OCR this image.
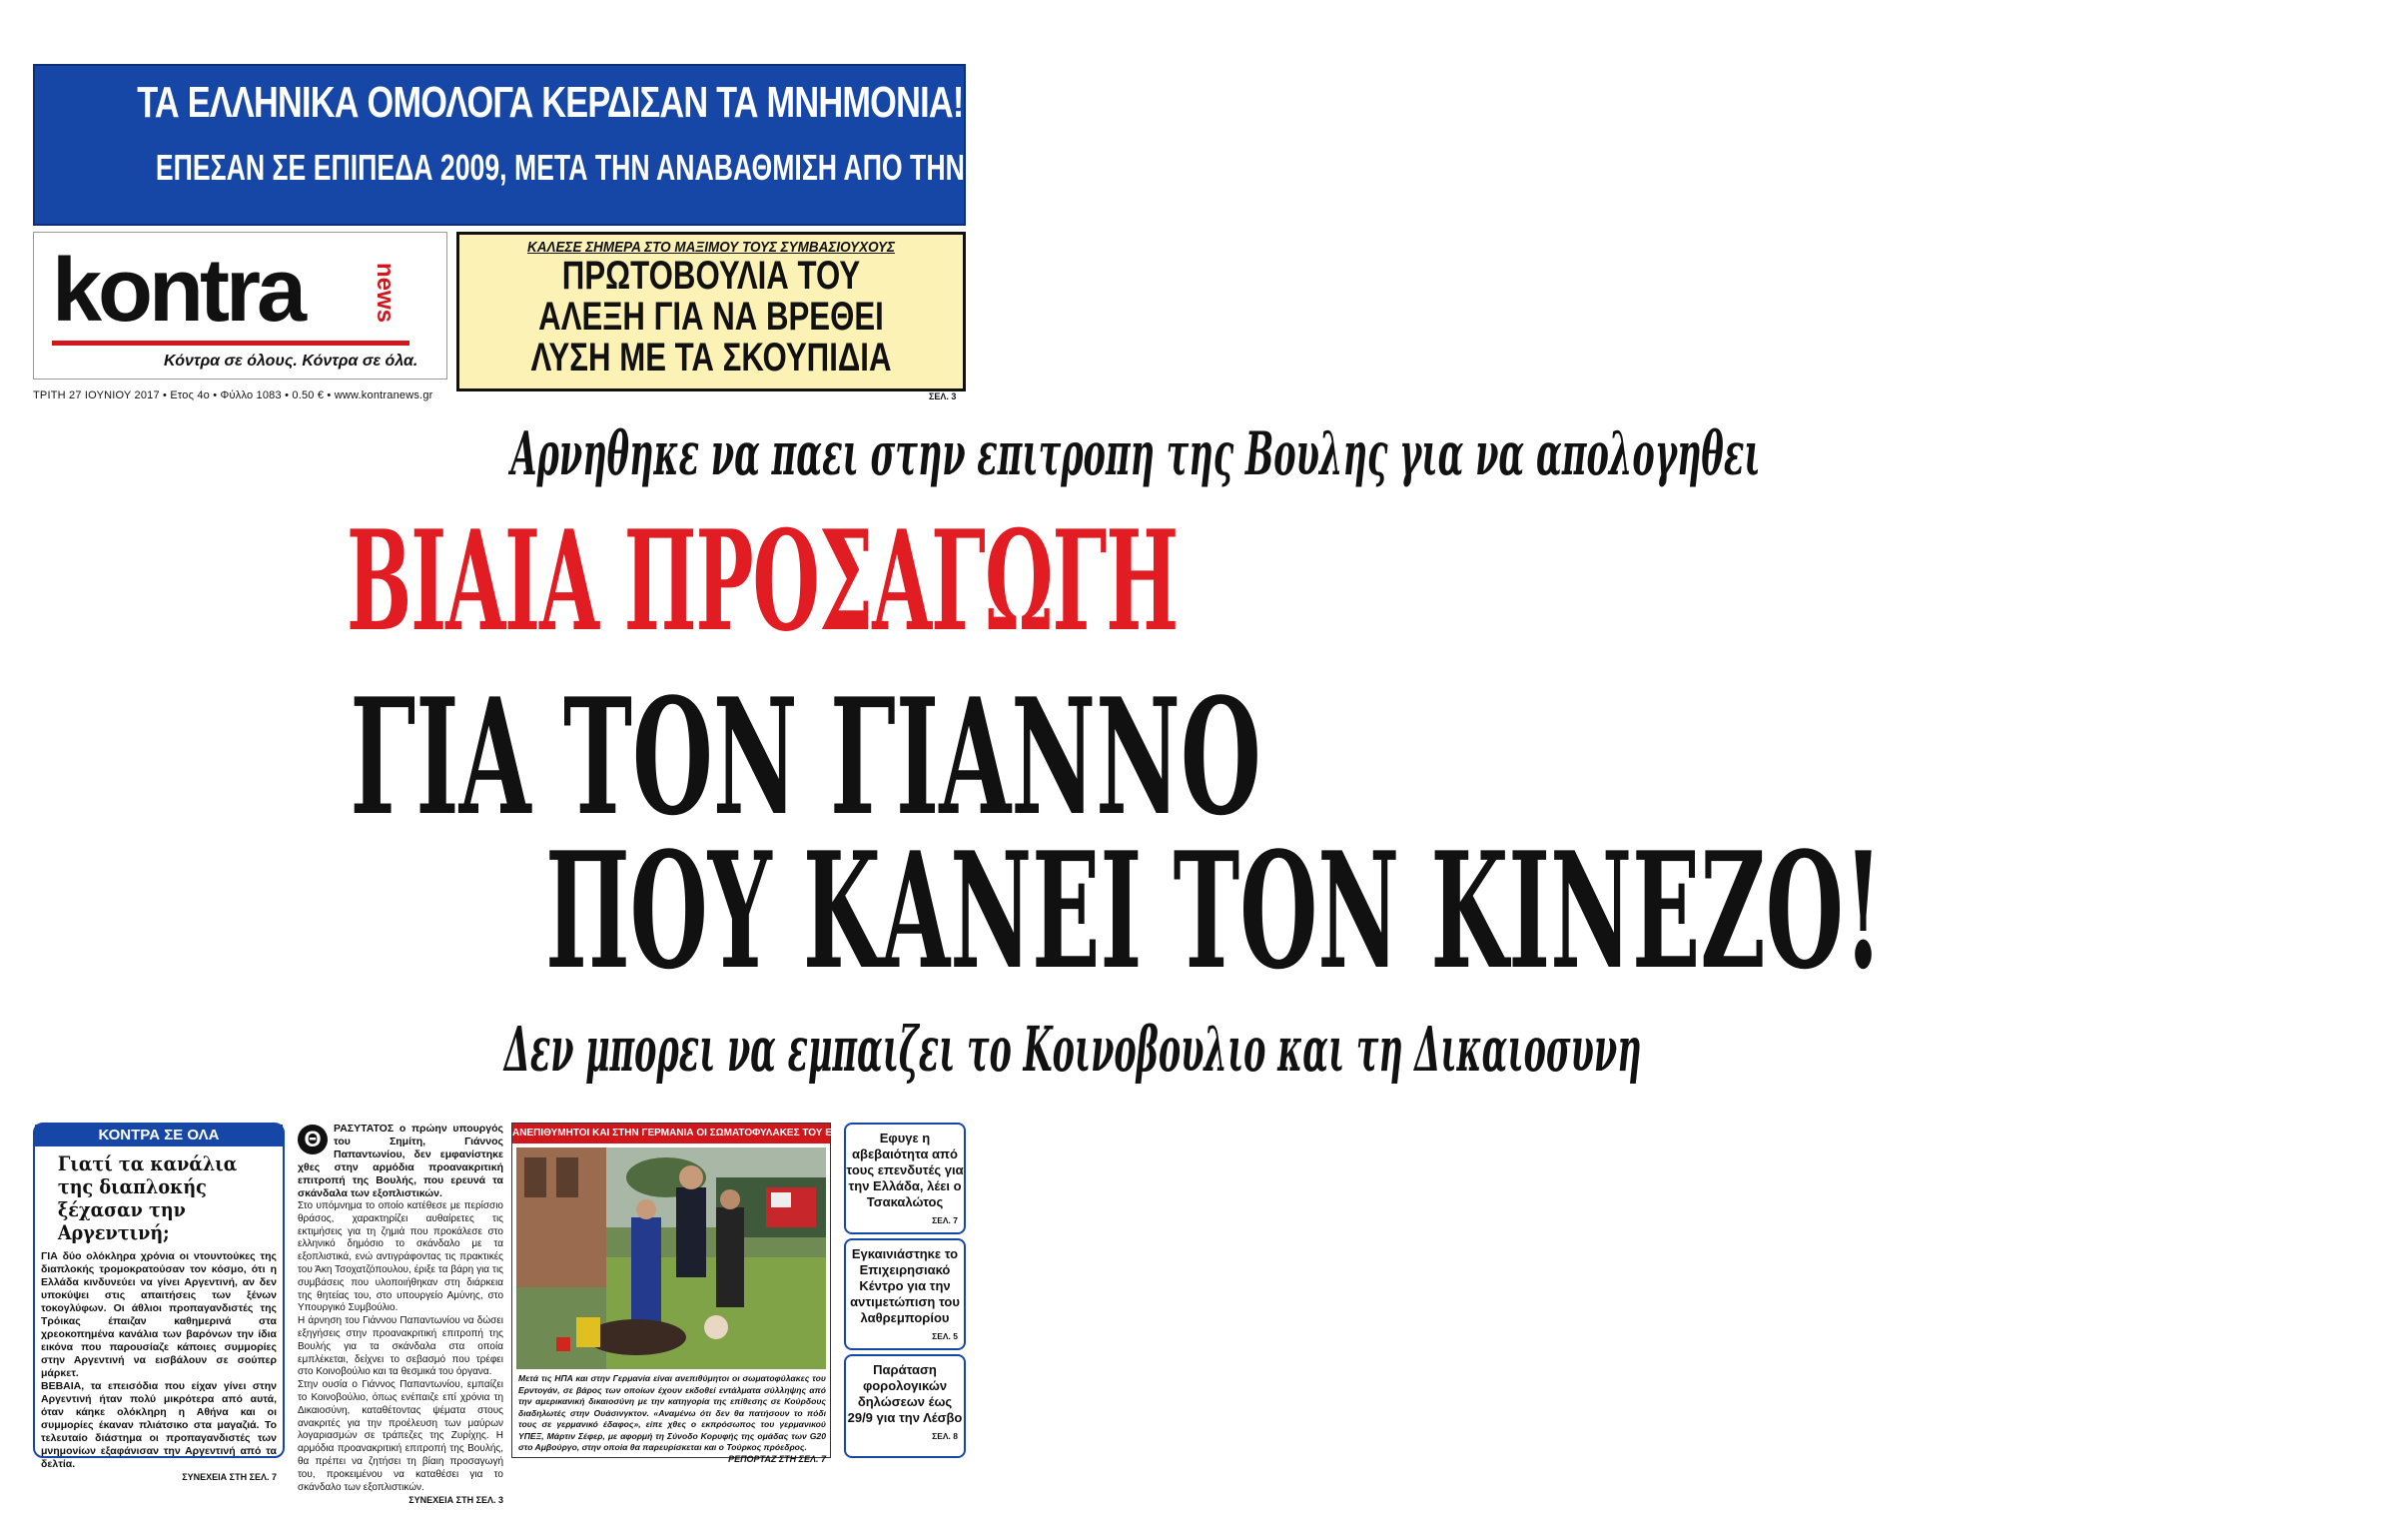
ΤΑ ΕΛΛΗΝΙΚΑ ΟΜΟΛΟΓΑ ΚΕΡΔΙΣΑΝ ΤΑ ΜΝΗΜΟΝΙΑ!
ΕΠΕΣΑΝ ΣΕ ΕΠΙΠΕΔΑ 2009, ΜΕΤΑ ΤΗΝ ΑΝΑΒΑΘΜΙΣΗ ΑΠΟ ΤΗΝ MOODY’S
kontra	news
Κόντρα σε όλους. Κόντρα σε όλα.
ΚΑΛΕΣΕ ΣΗΜΕΡΑ ΣΤΟ ΜΑΞΙΜΟΥ ΤΟΥΣ ΣΥΜΒΑΣΙΟΥΧΟΥΣ
ΠΡΩΤΟΒΟΥΛΙΑ ΤΟΥ
ΑΛΕΞΗ ΓΙΑ ΝΑ ΒΡΕΘΕΙ
ΛΥΣΗ ΜΕ ΤΑ ΣΚΟΥΠΙΔΙΑ
ΣΕΛ. 3
ΤΡΙΤΗ 27 ΙΟΥΝΙΟΥ 2017 • Ετος 4ο • Φύλλο 1083 • 0.50 € • www.kontranews.gr
Αρνηθηκε να παει στην επιτροπη της Βουλης για να απολογηθει
ΒΙΑΙΑ ΠΡΟΣΑΓΩΓΗ
ΓΙΑ ΤΟΝ ΓΙΑΝΝΟ
ΠΟΥ ΚΑΝΕΙ ΤΟΝ ΚΙΝΕΖΟ!
Δεν μπορει να εμπαιζει το Κοινοβουλιο και τη Δικαιοσυνη
ΚΟΝΤΡΑ ΣΕ ΟΛΑ
Γιατί τα κανάλια της διαπλοκής ξέχασαν την Αργεντινή;
ΓΙΑ δύο ολόκληρα χρόνια οι ντουντούκες της διαπλοκής τρομοκρατούσαν τον κόσμο, ότι η Ελλάδα κινδυνεύει να γίνει Αργεντινή, αν δεν υποκύψει στις απαιτήσεις των ξένων τοκογλύφων. Οι άθλιοι προπαγανδιστές της Τρόικας έπαιζαν καθημερινά στα χρεοκοπημένα κανάλια των βαρόνων την ίδια εικόνα που παρουσίαζε κάποιες συμμορίες στην Αργεντινή να εισβάλουν σε σούπερ μάρκετ.
ΒΕΒΑΙΑ, τα επεισόδια που είχαν γίνει στην Αργεντινή ήταν πολύ μικρότερα από αυτά, όταν κάηκε ολόκληρη η Αθήνα και οι συμμορίες έκαναν πλιάτσικο στα μαγαζιά. Το τελευταίο διάστημα οι προπαγανδιστές των μνημονίων εξαφάνισαν την Αργεντινή από τα δελτία.
ΣΥΝΕΧΕΙΑ ΣΤΗ ΣΕΛ. 7
Θ	ΡΑΣΥΤΑΤΟΣ ο πρώην υπουργός του Σημίτη, Γιάννος Παπαντωνίου, δεν εμφανίστηκε χθες στην αρμόδια προανακριτική επιτροπή της Βουλής, που ερευνά τα σκάνδαλα των εξοπλιστικών.
Στο υπόμνημα το οποίο κατέθεσε με περίσσιο θράσος, χαρακτηρίζει αυθαίρετες τις εκτιμήσεις για τη ζημιά που προκάλεσε στο ελληνικό δημόσιο το σκάνδαλο με τα εξοπλιστικά, ενώ αντιγράφοντας τις πρακτικές του Άκη Τσοχατζόπουλου, έριξε τα βάρη για τις συμβάσεις που υλοποιήθηκαν στη διάρκεια της θητείας του, στο υπουργείο Αμύνης, στο Υπουργικό Συμβούλιο.
Η άρνηση του Γιάννου Παπαντωνίου να δώσει εξηγήσεις στην προανακριτική επιτροπή της Βουλής για τα σκάνδαλα στα οποία εμπλέκεται, δείχνει το σεβασμό που τρέφει στο Κοινοβούλιο και τα θεσμικά του όργανα.
Στην ουσία ο Γιάννος Παπαντωνίου, εμπαίζει το Κοινοβούλιο, όπως ενέπαιζε επί χρόνια τη Δικαιοσύνη, καταθέτοντας ψέματα στους ανακριτές για την προέλευση των μαύρων λογαριασμών σε τράπεζες της Ζυρίχης. Η αρμόδια προανακριτική επιτροπή της Βουλής, θα πρέπει να ζητήσει τη βίαιη προσαγωγή του, προκειμένου να καταθέσει για το σκάνδαλο των εξοπλιστικών.
ΣΥΝΕΧΕΙΑ ΣΤΗ ΣΕΛ. 3
ΑΝΕΠΙΘΥΜΗΤΟΙ ΚΑΙ ΣΤΗΝ ΓΕΡΜΑΝΙΑ ΟΙ ΣΩΜΑΤΟΦΥΛΑΚΕΣ ΤΟΥ ΕΡΝΤΟΓΑΝ
Μετά τις ΗΠΑ και στην Γερμανία είναι ανεπιθύμητοι οι σωματοφύλακες του Ερντογάν, σε βάρος των οποίων έχουν εκδοθεί εντάλματα σύλληψης από την αμερικανική δικαιοσύνη με την κατηγορία της επίθεσης σε Κούρδους διαδηλωτές στην Ουάσινγκτον. «Αναμένω ότι δεν θα πατήσουν το πόδι τους σε γερμανικό έδαφος», είπε χθες ο εκπρόσωπος του γερμανικού ΥΠΕΞ, Μάρτιν Σέφερ, με αφορμή τη Σύνοδο Κορυφής της ομάδας των G20 στο Αμβούργο, στην οποία θα παρευρίσκεται και ο Τούρκος πρόεδρος.
ΡΕΠΟΡΤΑΖ ΣΤΗ ΣΕΛ. 7
Εφυγε η αβεβαιότητα από τους επενδυτές για την Ελλάδα, λέει ο Τσακαλώτος
ΣΕΛ. 7
Εγκαινιάστηκε το Επιχειρησιακό Κέντρο για την αντιμετώπιση του λαθρεμπορίου
ΣΕΛ. 5
Παράταση φορολογικών δηλώσεων έως 29/9 για την Λέσβο
ΣΕΛ. 8
